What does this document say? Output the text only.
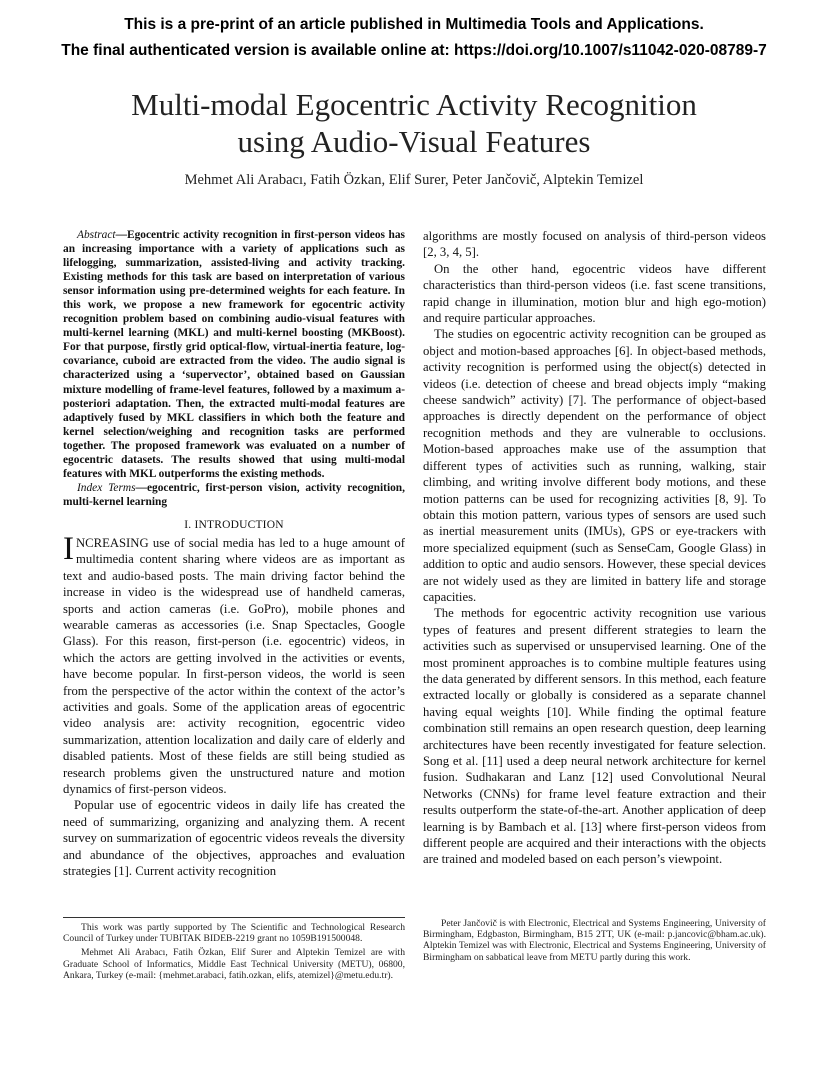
This is a pre-print of an article published in Multimedia Tools and Applications.
The final authenticated version is available online at: https://doi.org/10.1007/s11042-020-08789-7
Multi-modal Egocentric Activity Recognition
using Audio-Visual Features
Mehmet Ali Arabacı, Fatih Özkan, Elif Surer, Peter Jančovič, Alptekin Temizel

Abstract—Egocentric activity recognition in first-person videos has an increasing importance with a variety of applications such as lifelogging, summarization, assisted-living and activity tracking. Existing methods for this task are based on interpretation of various sensor information using pre-determined weights for each feature. In this work, we propose a new framework for egocentric activity recognition problem based on combining audio-visual features with multi-kernel learning (MKL) and multi-kernel boosting (MKBoost). For that purpose, firstly grid optical-flow, virtual-inertia feature, log-covariance, cuboid are extracted from the video. The audio signal is characterized using a ‘supervector’, obtained based on Gaussian mixture modelling of frame-level features, followed by a maximum a-posteriori adaptation. Then, the extracted multi-modal features are adaptively fused by MKL classifiers in which both the feature and kernel selection/weighing and recognition tasks are performed together. The proposed framework was evaluated on a number of egocentric datasets. The results showed that using multi-modal features with MKL outperforms the existing methods.

Index Terms—egocentric, first-person vision, activity recognition, multi-kernel learning

I. INTRODUCTION

INCREASING use of social media has led to a huge amount of multimedia content sharing where videos are as important as text and audio-based posts. The main driving factor behind the increase in video is the widespread use of handheld cameras, sports and action cameras (i.e. GoPro), mobile phones and wearable cameras as accessories (i.e. Snap Spectacles, Google Glass). For this reason, first-person (i.e. egocentric) videos, in which the actors are getting involved in the activities or events, have become popular. In first-person videos, the world is seen from the perspective of the actor within the context of the actor’s activities and goals. Some of the application areas of egocentric video analysis are: activity recognition, egocentric video summarization, attention localization and daily care of elderly and disabled patients. Most of these fields are still being studied as research problems given the unstructured nature and motion dynamics of first-person videos.

Popular use of egocentric videos in daily life has created the need of summarizing, organizing and analyzing them. A recent survey on summarization of egocentric videos reveals the diversity and abundance of the objectives, approaches and evaluation strategies [1]. Current activity recognition

algorithms are mostly focused on analysis of third-person videos [2, 3, 4, 5].

On the other hand, egocentric videos have different characteristics than third-person videos (i.e. fast scene transitions, rapid change in illumination, motion blur and high ego-motion) and require particular approaches.

The studies on egocentric activity recognition can be grouped as object and motion-based approaches [6]. In object-based methods, activity recognition is performed using the object(s) detected in videos (i.e. detection of cheese and bread objects imply “making cheese sandwich” activity) [7]. The performance of object-based approaches is directly dependent on the performance of object recognition methods and they are vulnerable to occlusions. Motion-based approaches make use of the assumption that different types of activities such as running, walking, stair climbing, and writing involve different body motions, and these motion patterns can be used for recognizing activities [8, 9]. To obtain this motion pattern, various types of sensors are used such as inertial measurement units (IMUs), GPS or eye-trackers with more specialized equipment (such as SenseCam, Google Glass) in addition to optic and audio sensors. However, these special devices are not widely used as they are limited in battery life and storage capacities.

The methods for egocentric activity recognition use various types of features and present different strategies to learn the activities such as supervised or unsupervised learning. One of the most prominent approaches is to combine multiple features using the data generated by different sensors. In this method, each feature extracted locally or globally is considered as a separate channel having equal weights [10]. While finding the optimal feature combination still remains an open research question, deep learning architectures have been recently investigated for feature selection. Song et al. [11] used a deep neural network architecture for kernel fusion. Sudhakaran and Lanz [12] used Convolutional Neural Networks (CNNs) for frame level feature extraction and their results outperform the state-of-the-art. Another application of deep learning is by Bambach et al. [13] where first-person videos from different people are acquired and their interactions with the objects are trained and modeled based on each person’s viewpoint.

This work was partly supported by The Scientific and Technological Research Council of Turkey under TUBITAK BIDEB-2219 grant no 1059B191500048.

Mehmet Ali Arabacı, Fatih Özkan, Elif Surer and Alptekin Temizel are with Graduate School of Informatics, Middle East Technical University (METU), 06800, Ankara, Turkey (e-mail: {mehmet.arabaci, fatih.ozkan, elifs, atemizel}@metu.edu.tr).

Peter Jančovič is with Electronic, Electrical and Systems Engineering, University of Birmingham, Edgbaston, Birmingham, B15 2TT, UK (e-mail: p.jancovic@bham.ac.uk). Alptekin Temizel was with Electronic, Electrical and Systems Engineering, University of Birmingham on sabbatical leave from METU partly during this work.
